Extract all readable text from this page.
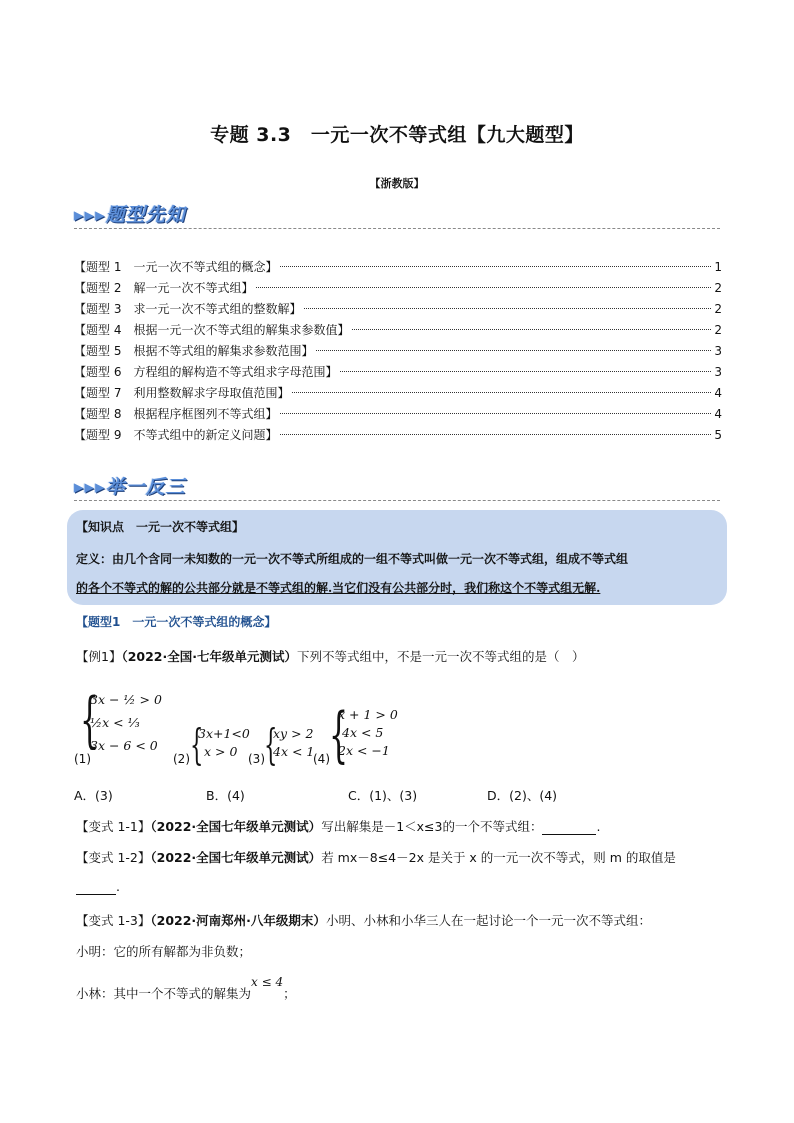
专题 3.3　一元一次不等式组【九大题型】
【浙教版】
▸▸▸题型先知
【题型 1　一元一次不等式组的概念】	1
【题型 2　解一元一次不等式组】	2
【题型 3　求一元一次不等式组的整数解】	2
【题型 4　根据一元一次不等式组的解集求参数值】	2
【题型 5　根据不等式组的解集求参数范围】	3
【题型 6　方程组的解构造不等式组求字母范围】	3
【题型 7　利用整数解求字母取值范围】	4
【题型 8　根据程序框图列不等式组】	4
【题型 9　不等式组中的新定义问题】	5
▸▸▸举一反三
【知识点　一元一次不等式组】
定义：由几个含同一未知数的一元一次不等式所组成的一组不等式叫做一元一次不等式组，组成不等式组
的各个不等式的解的公共部分就是不等式组的解.当它们没有公共部分时，我们称这个不等式组无解.
【题型1　一元一次不等式组的概念】
【例1】（2022·全国·七年级单元测试）下列不等式组中，不是一元一次不等式组的是（　）
{
3x − ½ > 0
½x < ⅓
3x − 6 < 0
(1)	(2) {
3x+1<0
x > 0 (3) {
xy > 2
4x < 1
(4) {
x + 1 > 0
4x < 5
2x < −1
A．(3)	B．(4)	C．(1)、(3)	D．(2)、(4)
【变式 1-1】（2022·全国七年级单元测试）写出解集是－1＜x≤3的一个不等式组：	.
【变式 1-2】（2022·全国七年级单元测试）若 mx－8≤4－2x 是关于 x 的一元一次不等式，则 m 的取值是
.
【变式 1-3】（2022·河南郑州·八年级期末）小明、小林和小华三人在一起讨论一个一元一次不等式组：
小明：它的所有解都为非负数；
小林：其中一个不等式的解集为x ≤ 4；
